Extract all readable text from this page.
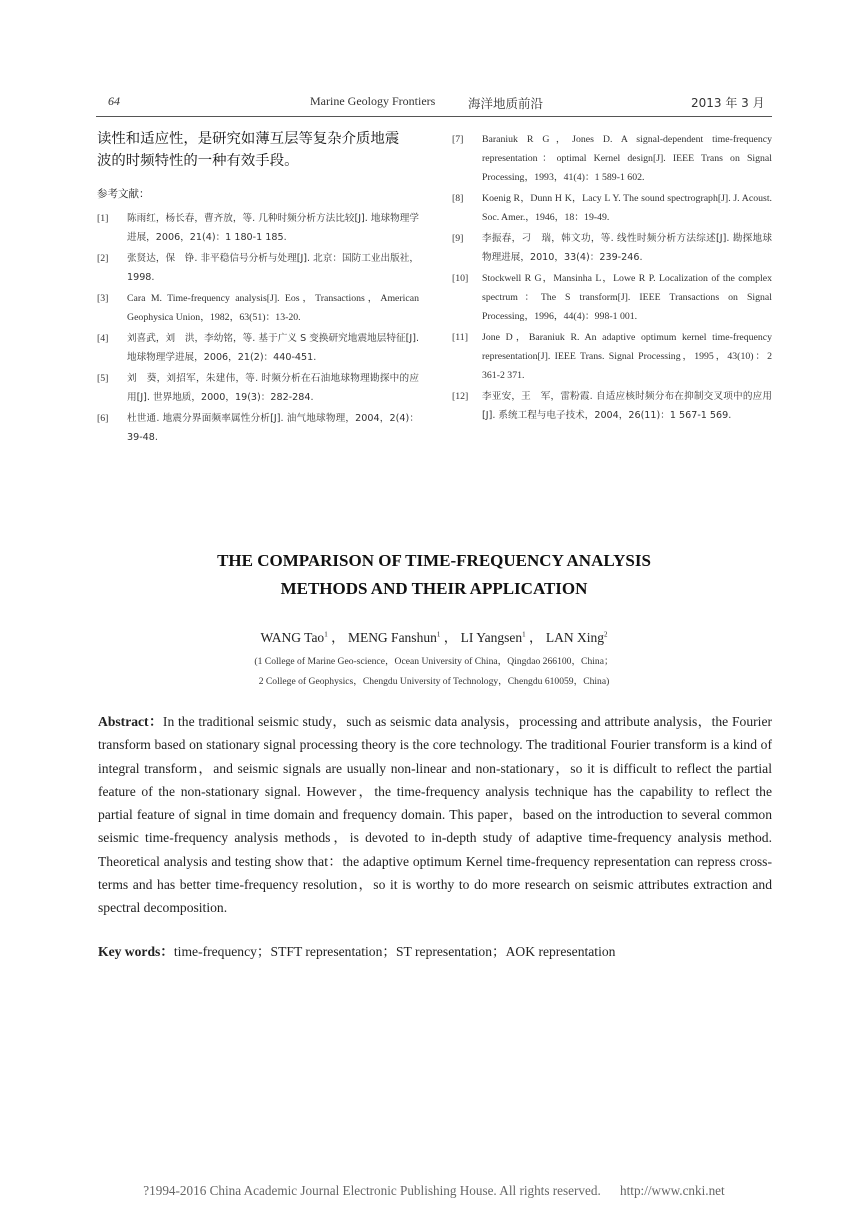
64	Marine Geology Frontiers	海洋地质前沿	2013 年 3 月
读性和适应性，是研究如薄互层等复杂介质地震
波的时频特性的一种有效手段。
参考文献：
[1]	陈雨红，杨长春，曹齐放，等. 几种时频分析方法比较[J]. 地球物理学进展，2006，21(4)：1 180-1 185.
[2]	张贤达，保　铮. 非平稳信号分析与处理[J]. 北京：国防工业出版社，1998.
[3]	Cara M. Time-frequency analysis[J]. Eos，Transactions，American Geophysica Union，1982，63(51)：13-20.
[4]	刘喜武，刘　洪，李幼铭，等. 基于广义 S 变换研究地震地层特征[J]. 地球物理学进展，2006，21(2)：440-451.
[5]	刘　葵，刘招军，朱建伟，等. 时频分析在石油地球物理勘探中的应用[J]. 世界地质，2000，19(3)：282-284.
[6]	杜世通. 地震分界面频率属性分析[J]. 油气地球物理，2004，2(4)：39-48.
[7]	Baraniuk R G，Jones D. A signal-dependent time-frequency representation：optimal Kernel design[J]. IEEE Trans on Signal Processing，1993，41(4)：1 589-1 602.
[8]	Koenig R，Dunn H K，Lacy L Y. The sound spectrograph[J]. J. Acoust. Soc. Amer.，1946，18：19-49.
[9]	李振春，刁　瑞，韩文功，等. 线性时频分析方法综述[J]. 勘探地球物理进展，2010，33(4)：239-246.
[10]	Stockwell R G，Mansinha L，Lowe R P. Localization of the complex spectrum：The S transform[J]. IEEE Transactions on Signal Processing，1996，44(4)：998-1 001.
[11]	Jone D，Baraniuk R. An adaptive optimum kernel time-frequency representation[J]. IEEE Trans. Signal Processing，1995，43(10)：2 361-2 371.
[12]	李亚安，王　军，雷粉霞. 自适应核时频分布在抑制交叉项中的应用[J]. 系统工程与电子技术，2004，26(11)：1 567-1 569.
THE COMPARISON OF TIME-FREQUENCY ANALYSIS
METHODS AND THEIR APPLICATION
WANG Tao$^1$ ， MENG Fanshun$^1$ ， LI Yangsen$^1$ ， LAN Xing$^2$
(1 College of Marine Geo-science，Ocean University of China，Qingdao 266100，China；
2 College of Geophysics，Chengdu University of Technology，Chengdu 610059，China)
Abstract：In the traditional seismic study，such as seismic data analysis，processing and attribute analysis，the Fourier transform based on stationary signal processing theory is the core technology. The traditional Fourier transform is a kind of integral transform，and seismic signals are usually non-linear and non-stationary，so it is difficult to reflect the partial feature of the non-stationary signal. However，the time-frequency analysis technique has the capability to reflect the partial feature of signal in time domain and frequency domain. This paper，based on the introduction to several common seismic time-frequency analysis methods，is devoted to in-depth study of adaptive time-frequency analysis method. Theoretical analysis and testing show that：the adaptive optimum Kernel time-frequency representation can repress cross-terms and has better time-frequency resolution，so it is worthy to do more research on seismic attributes extraction and spectral decomposition.
Key words：time-frequency；STFT representation；ST representation；AOK representation
?1994-2016 China Academic Journal Electronic Publishing House. All rights reserved. http://www.cnki.net
